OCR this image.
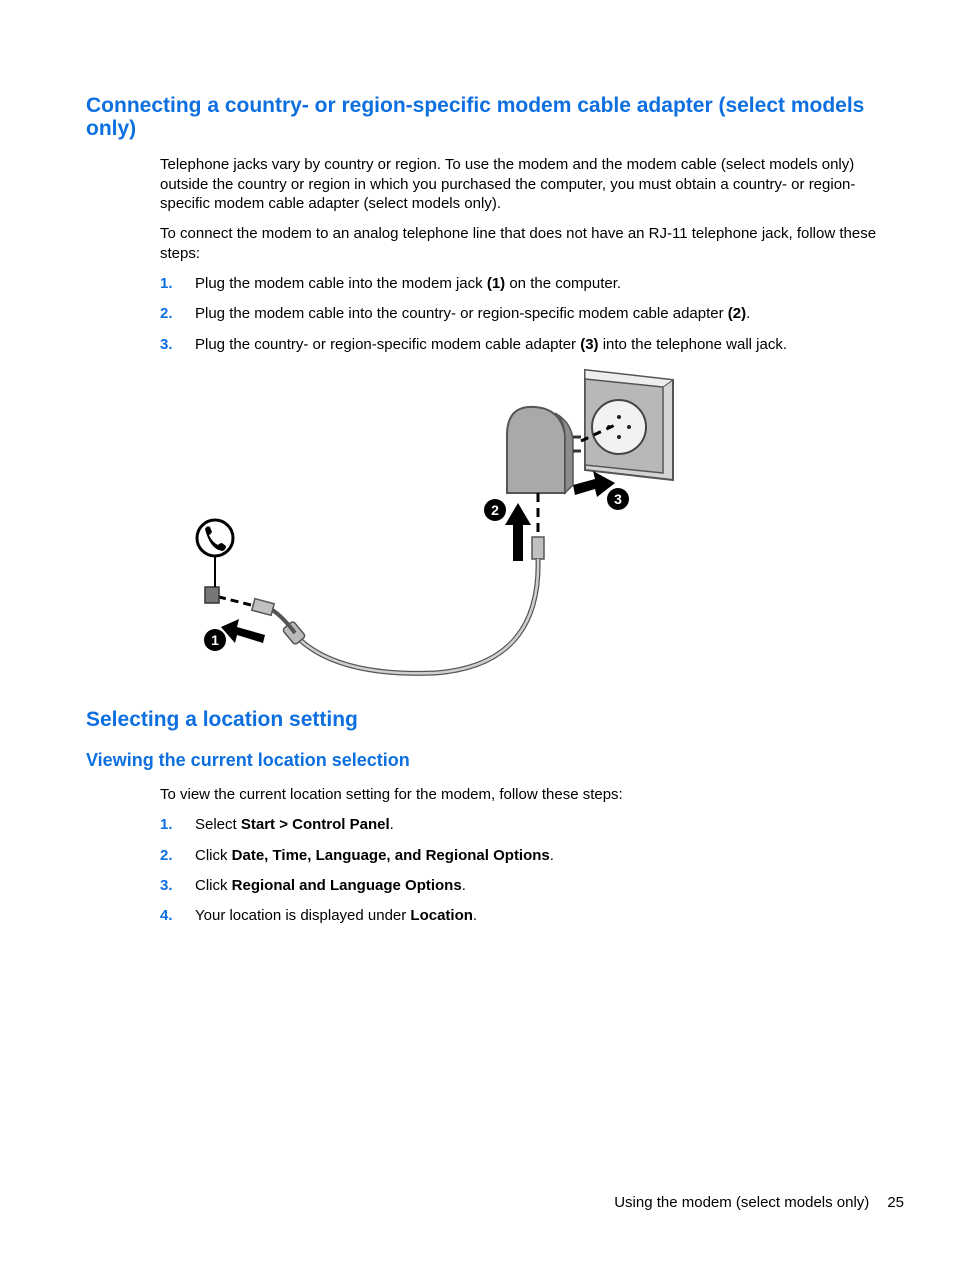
Connecting a country- or region-specific modem cable adapter (select models only)

Telephone jacks vary by country or region. To use the modem and the modem cable (select models only) outside the country or region in which you purchased the computer, you must obtain a country- or region-specific modem cable adapter (select models only).

To connect the modem to an analog telephone line that does not have an RJ-11 telephone jack, follow these steps:

1. Plug the modem cable into the modem jack (1) on the computer.
2. Plug the modem cable into the country- or region-specific modem cable adapter (2).
3. Plug the country- or region-specific modem cable adapter (3) into the telephone wall jack.
1
2
3
Selecting a location setting
Viewing the current location selection

To view the current location setting for the modem, follow these steps:

1. Select Start > Control Panel.
2. Click Date, Time, Language, and Regional Options.
3. Click Regional and Language Options.
4. Your location is displayed under Location.
Using the modem (select models only) 25
